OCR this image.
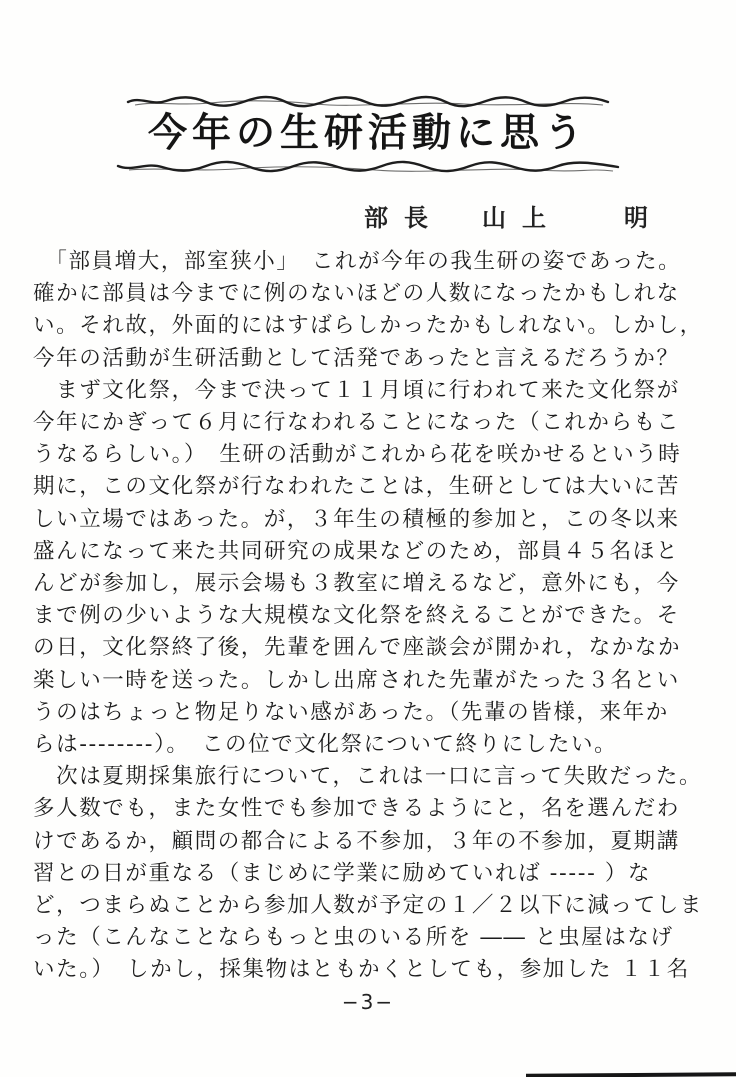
今年の生研活動に思う
部長 山上	明
　「部員増大，部室狭小」　これが今年の我生研の姿であった。
確かに部員は今までに例のないほどの人数になったかもしれな
い。それ故，外面的にはすばらしかったかもしれない。しかし，
今年の活動が生研活動として活発であったと言えるだろうか？
　まず文化祭，今まで決って１１月頃に行われて来た文化祭が
今年にかぎって６月に行なわれることになった（これからもこ
うなるらしい。）　生研の活動がこれから花を咲かせるという時
期に，この文化祭が行なわれたことは，生研としては大いに苦
しい立場ではあった。が，３年生の積極的参加と，この冬以来
盛んになって来た共同研究の成果などのため，部員４５名ほと
んどが参加し，展示会場も３教室に増えるなど，意外にも，今
まで例の少いような大規模な文化祭を終えることができた。そ
の日，文化祭終了後，先輩を囲んで座談会が開かれ，なかなか
楽しい一時を送った。しかし出席された先輩がたった３名とい
うのはちょっと物足りない感があった。（先輩の皆様，来年か
らは--------）。　この位で文化祭について終りにしたい。
　次は夏期採集旅行について，これは一口に言って失敗だった。
多人数でも，また女性でも参加できるようにと，名を選んだわ
けであるか，顧問の都合による不参加，３年の不参加，夏期講
習との日が重なる（まじめに学業に励めていれば ----- ）な
ど，つまらぬことから参加人数が予定の１／２以下に減ってしま
った（こんなことならもっと虫のいる所を ―― と虫屋はなげ
いた。）　しかし，採集物はともかくとしても，参加した １１名
−3−
